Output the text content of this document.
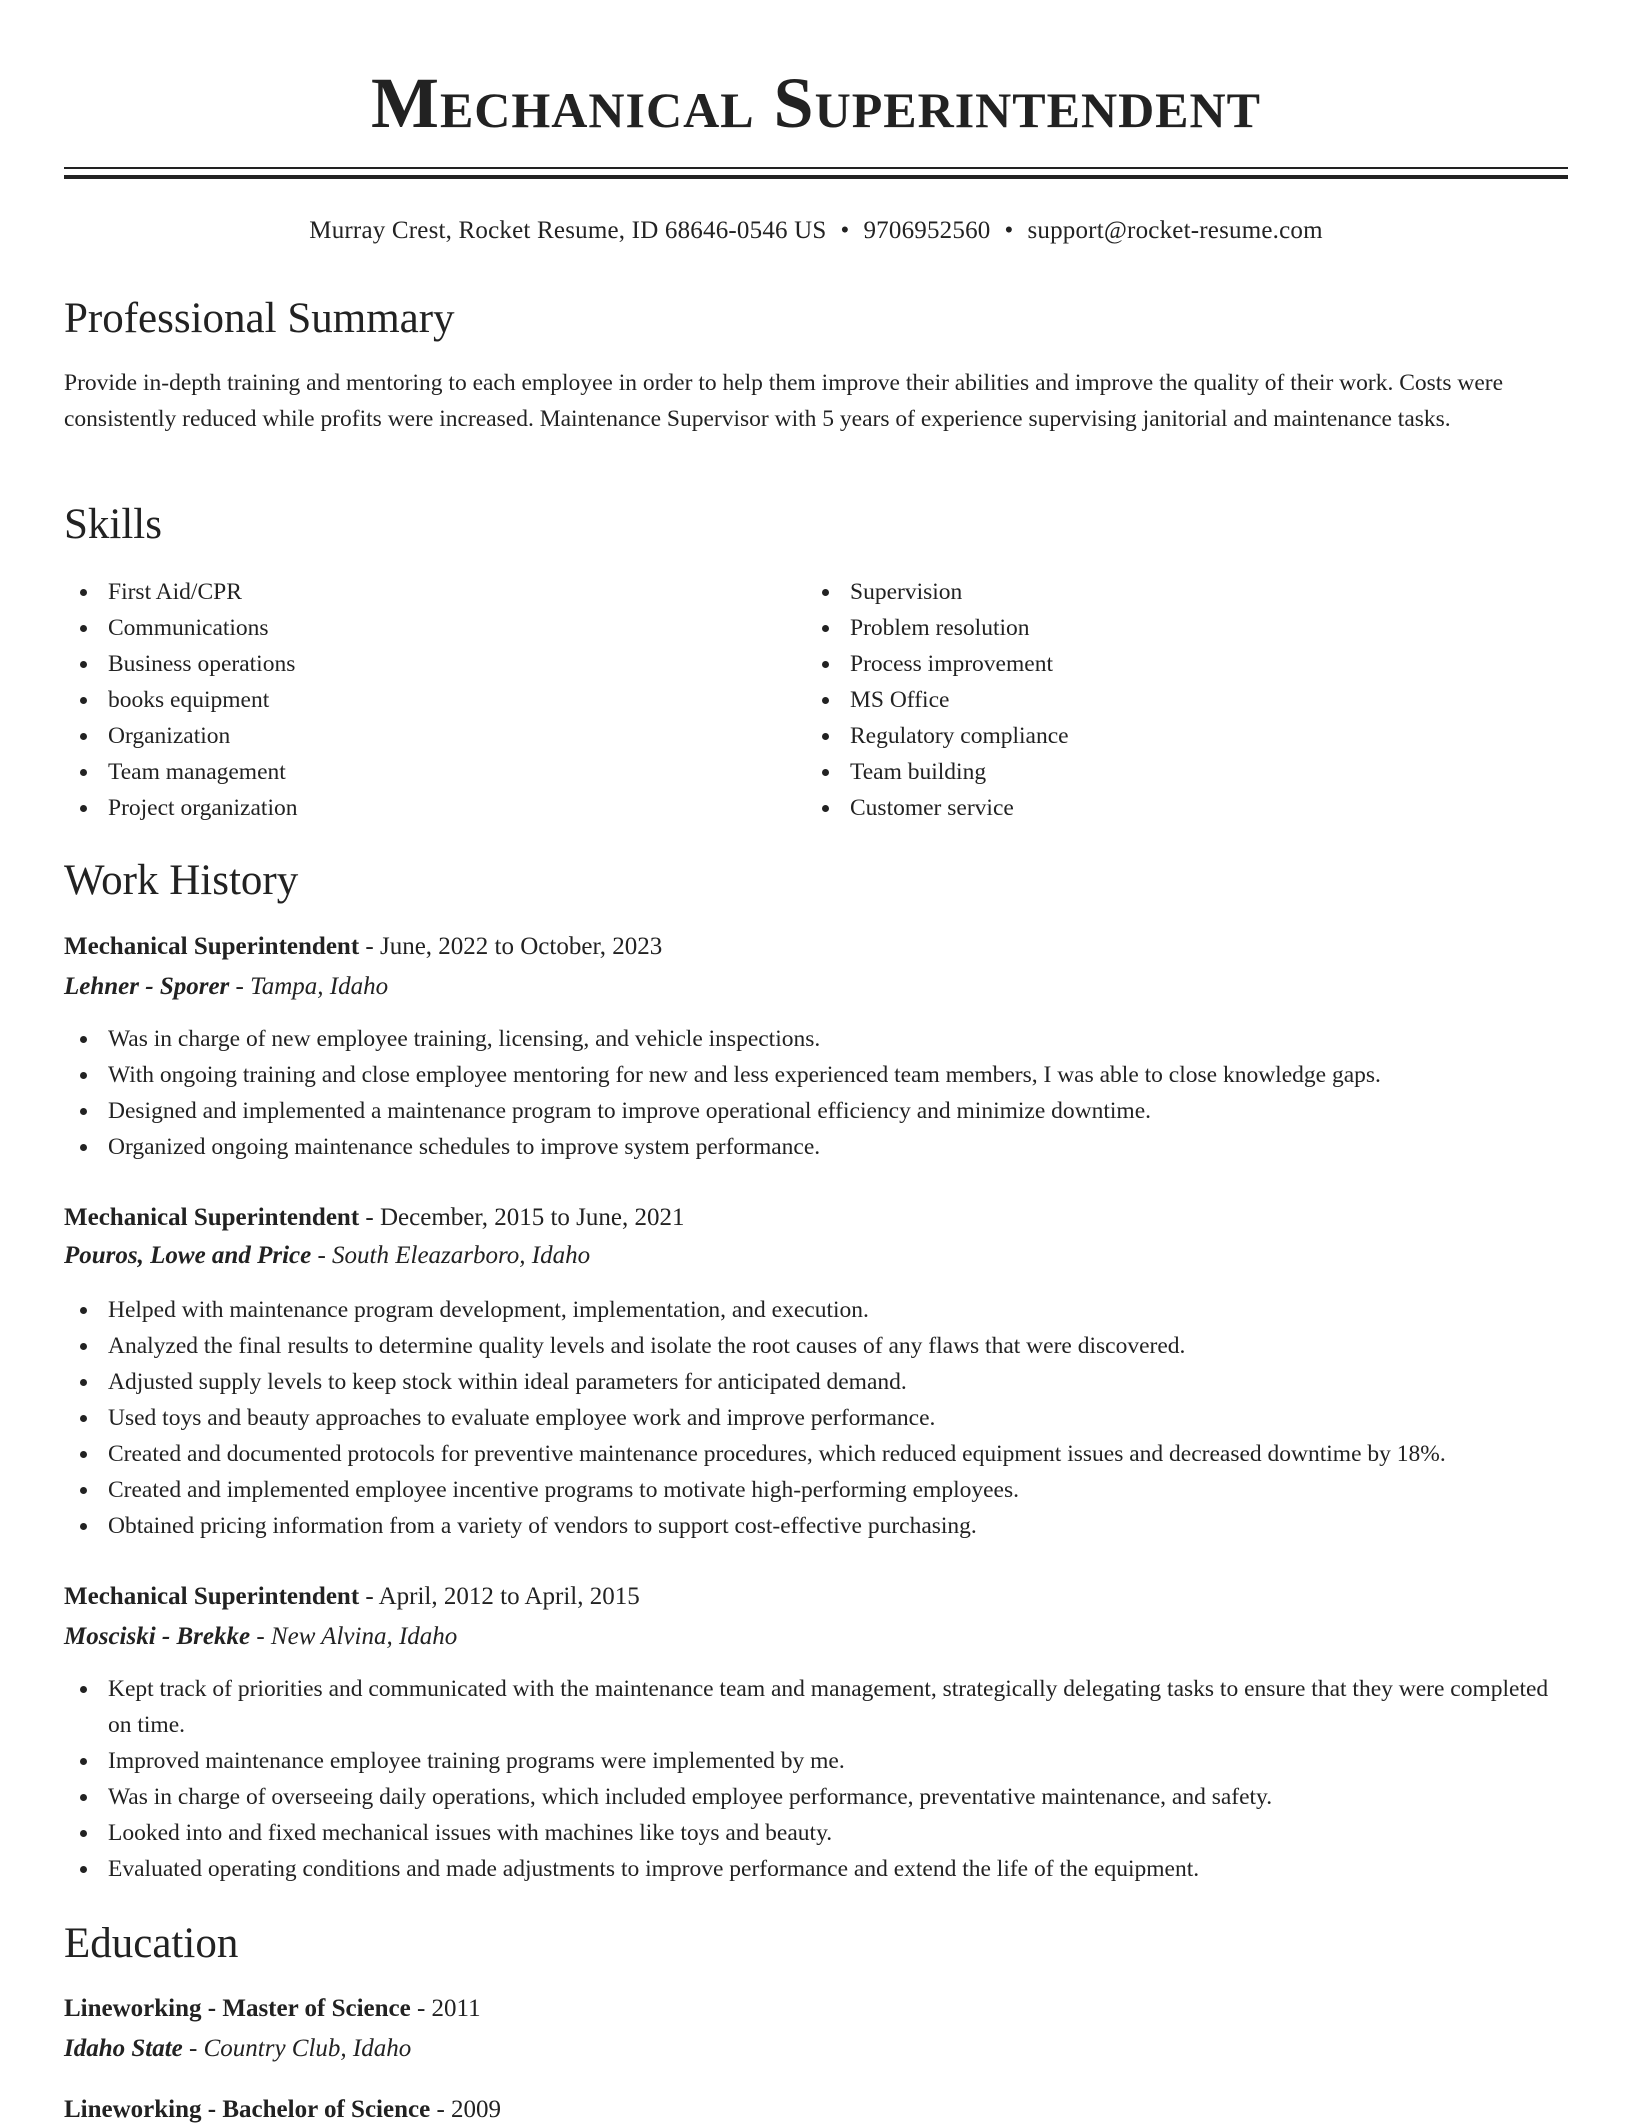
Mechanical Superintendent
Murray Crest, Rocket Resume, ID 68646-0546 US • 9706952560 • support@rocket-resume.com
Professional Summary

Provide in-depth training and mentoring to each employee in order to help them improve their abilities and improve the quality of their work. Costs were consistently reduced while profits were increased. Maintenance Supervisor with 5 years of experience supervising janitorial and maintenance tasks.

Skills
First Aid/CPR
Communications
Business operations
books equipment
Organization
Team management
Project organization
Supervision
Problem resolution
Process improvement
MS Office
Regulatory compliance
Team building
Customer service
Work History
Mechanical Superintendent - June, 2022 to October, 2023
Lehner - Sporer - Tampa, Idaho
Was in charge of new employee training, licensing, and vehicle inspections.
With ongoing training and close employee mentoring for new and less experienced team members, I was able to close knowledge gaps.
Designed and implemented a maintenance program to improve operational efficiency and minimize downtime.
Organized ongoing maintenance schedules to improve system performance.
Mechanical Superintendent - December, 2015 to June, 2021
Pouros, Lowe and Price - South Eleazarboro, Idaho
Helped with maintenance program development, implementation, and execution.
Analyzed the final results to determine quality levels and isolate the root causes of any flaws that were discovered.
Adjusted supply levels to keep stock within ideal parameters for anticipated demand.
Used toys and beauty approaches to evaluate employee work and improve performance.
Created and documented protocols for preventive maintenance procedures, which reduced equipment issues and decreased downtime by 18%.
Created and implemented employee incentive programs to motivate high-performing employees.
Obtained pricing information from a variety of vendors to support cost-effective purchasing.
Mechanical Superintendent - April, 2012 to April, 2015
Mosciski - Brekke - New Alvina, Idaho
Kept track of priorities and communicated with the maintenance team and management, strategically delegating tasks to ensure that they were completed on time.
Improved maintenance employee training programs were implemented by me.
Was in charge of overseeing daily operations, which included employee performance, preventative maintenance, and safety.
Looked into and fixed mechanical issues with machines like toys and beauty.
Evaluated operating conditions and made adjustments to improve performance and extend the life of the equipment.
Education
Lineworking - Master of Science - 2011
Idaho State - Country Club, Idaho
Lineworking - Bachelor of Science - 2009
